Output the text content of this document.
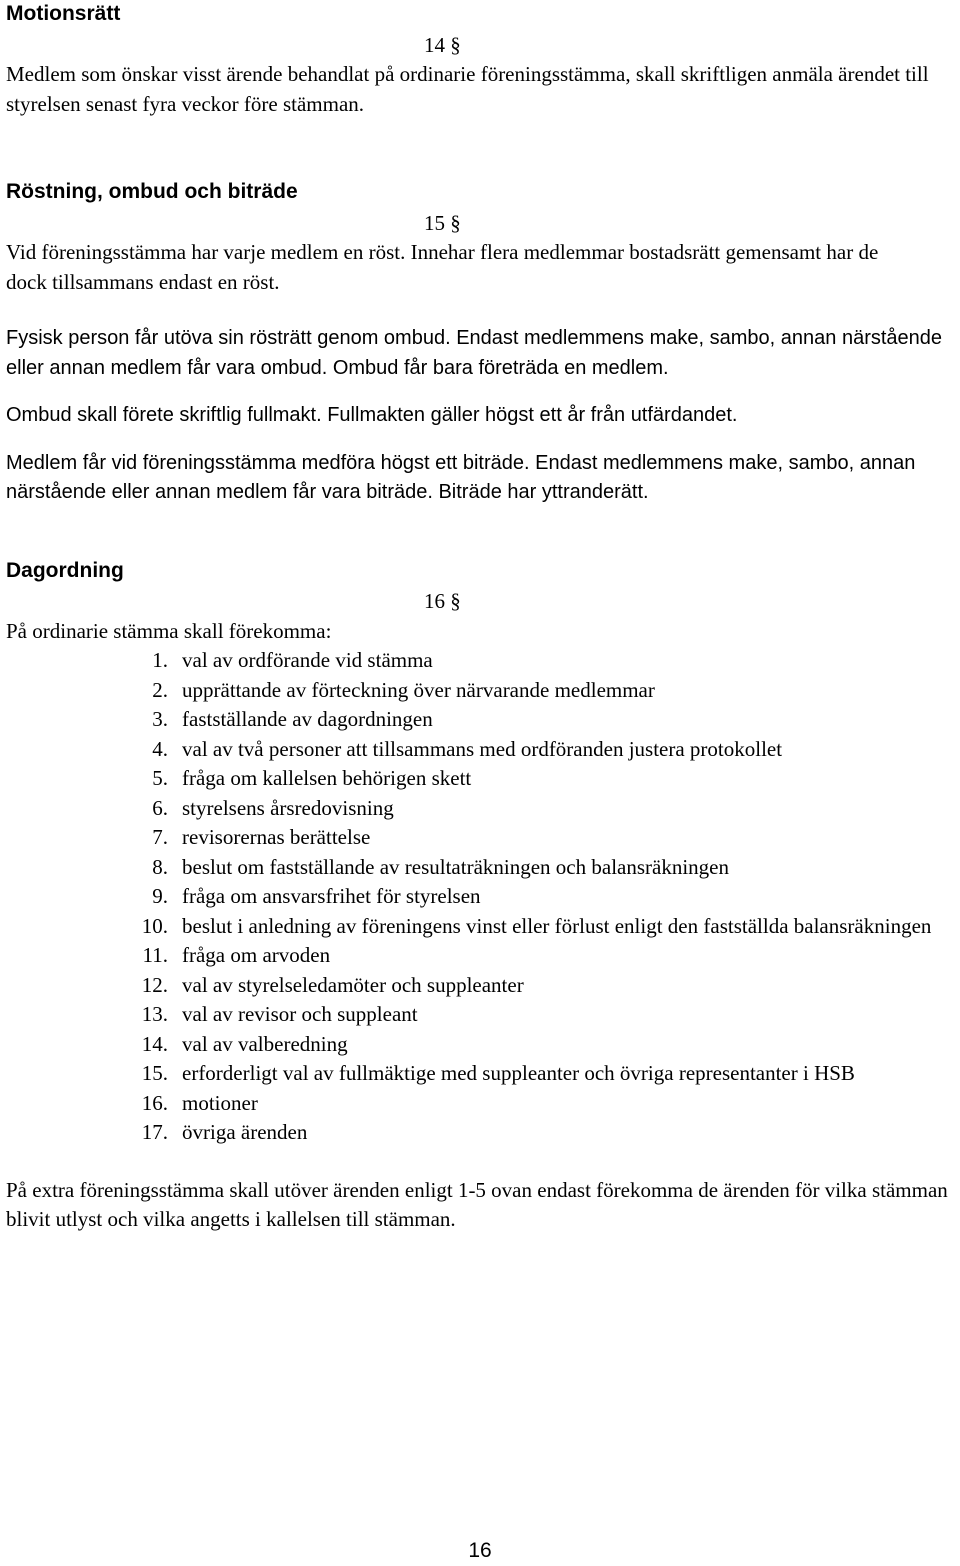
Motionsrätt
14 §
Medlem som önskar visst ärende behandlat på ordinarie föreningsstämma, skall skriftligen anmäla ärendet till styrelsen senast fyra veckor före stämman.
Röstning, ombud och biträde
15 §
Vid föreningsstämma har varje medlem en röst. Innehar flera medlemmar bostadsrätt gemensamt har de dock tillsammans endast en röst.
Fysisk person får utöva sin rösträtt genom ombud. Endast medlemmens make, sambo, annan närstående eller annan medlem får vara ombud. Ombud får bara företräda en medlem.
Ombud skall förete skriftlig fullmakt. Fullmakten gäller högst ett år från utfärdandet.
Medlem får vid föreningsstämma medföra högst ett biträde. Endast medlemmens make, sambo, annan närstående eller annan medlem får vara biträde. Biträde har yttranderätt.
Dagordning
16 §
På ordinarie stämma skall förekomma:
1. val av ordförande vid stämma
2. upprättande av förteckning över närvarande medlemmar
3. fastställande av dagordningen
4. val av två personer att tillsammans med ordföranden justera protokollet
5. fråga om kallelsen behörigen skett
6. styrelsens årsredovisning
7. revisorernas berättelse
8. beslut om fastställande av resultaträkningen och balansräkningen
9. fråga om ansvarsfrihet för styrelsen
10. beslut i anledning av föreningens vinst eller förlust enligt den fastställda balansräkningen
11. fråga om arvoden
12. val av styrelseledamöter och suppleanter
13. val av revisor och suppleant
14. val av valberedning
15. erforderligt val av fullmäktige med suppleanter och övriga representanter i HSB
16. motioner
17. övriga ärenden
På extra föreningsstämma skall utöver ärenden enligt 1-5 ovan endast förekomma de ärenden för vilka stämman blivit utlyst och vilka angetts i kallelsen till stämman.
16
